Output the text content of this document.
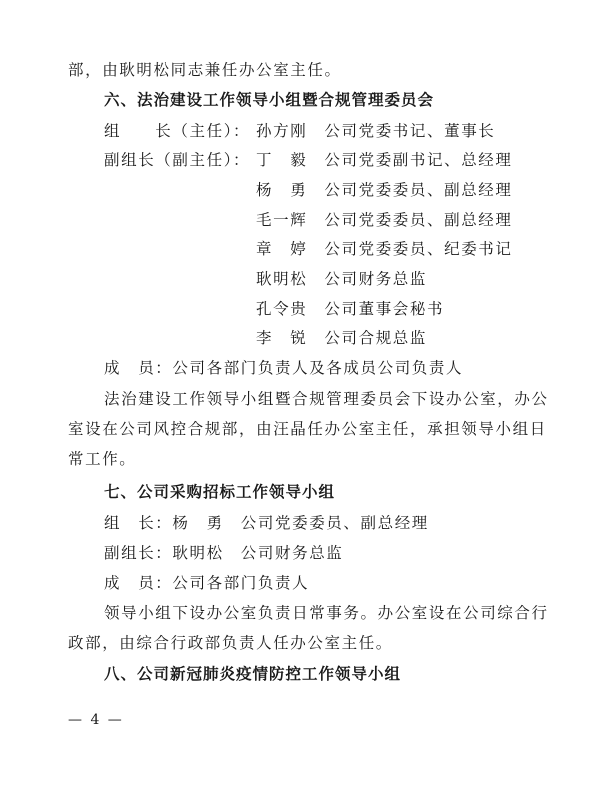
部，由耿明松同志兼任办公室主任。
六、法治建设工作领导小组暨合规管理委员会
组　　长（主任）： 孙方刚　公司党委书记、董事长
副组长（副主任）： 丁　毅　公司党委副书记、总经理
杨　勇　公司党委委员、副总经理
毛一辉　公司党委委员、副总经理
章　婷　公司党委委员、纪委书记
耿明松　公司财务总监
孔令贵　公司董事会秘书
李　锐　公司合规总监
成　员：公司各部门负责人及各成员公司负责人
法治建设工作领导小组暨合规管理委员会下设办公室，办公
室设在公司风控合规部，由汪晶任办公室主任，承担领导小组日
常工作。
七、公司采购招标工作领导小组
组　长：杨　勇　公司党委委员、副总经理
副组长：耿明松　公司财务总监
成　员：公司各部门负责人
领导小组下设办公室负责日常事务。办公室设在公司综合行
政部，由综合行政部负责人任办公室主任。
八、公司新冠肺炎疫情防控工作领导小组
— 4 —
